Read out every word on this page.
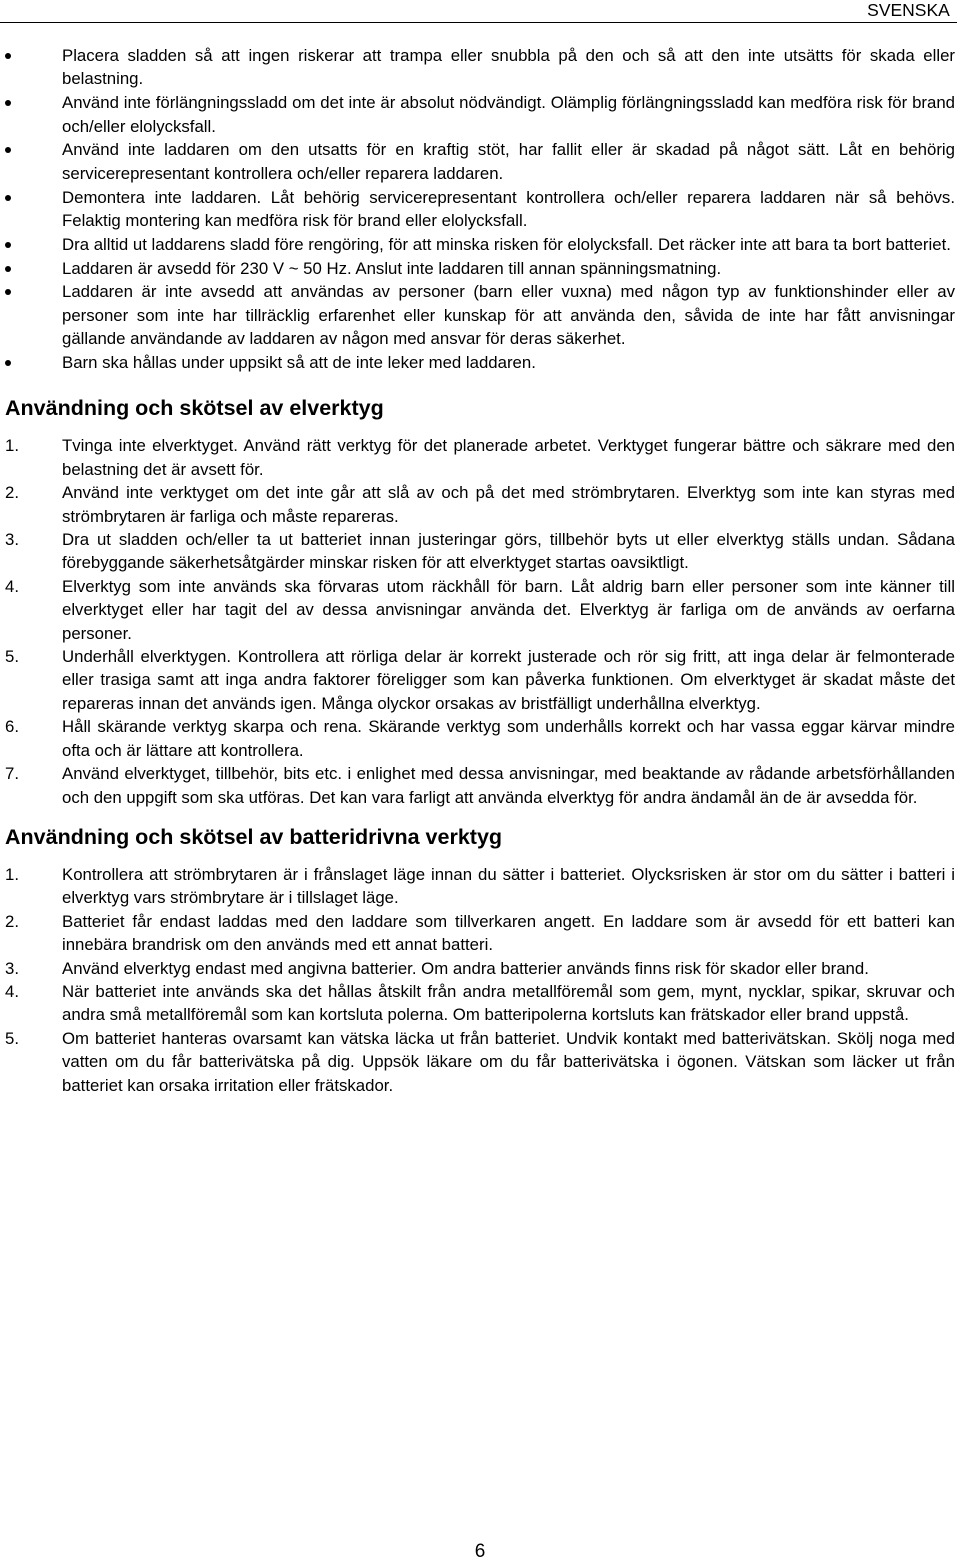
SVENSKA
Placera sladden så att ingen riskerar att trampa eller snubbla på den och så att den inte utsätts för skada eller belastning.
Använd inte förlängningssladd om det inte är absolut nödvändigt. Olämplig förlängningssladd kan medföra risk för brand och/eller elolycksfall.
Använd inte laddaren om den utsatts för en kraftig stöt, har fallit eller är skadad på något sätt. Låt en behörig servicerepresentant kontrollera och/eller reparera laddaren.
Demontera inte laddaren. Låt behörig servicerepresentant kontrollera och/eller reparera laddaren när så behövs. Felaktig montering kan medföra risk för brand eller elolycksfall.
Dra alltid ut laddarens sladd före rengöring, för att minska risken för elolycksfall. Det räcker inte att bara ta bort batteriet.
Laddaren är avsedd för 230 V ~ 50 Hz. Anslut inte laddaren till annan spänningsmatning.
Laddaren är inte avsedd att användas av personer (barn eller vuxna) med någon typ av funktionshinder eller av personer som inte har tillräcklig erfarenhet eller kunskap för att använda den, såvida de inte har fått anvisningar gällande användande av laddaren av någon med ansvar för deras säkerhet.
Barn ska hållas under uppsikt så att de inte leker med laddaren.
Användning och skötsel av elverktyg
1.	Tvinga inte elverktyget. Använd rätt verktyg för det planerade arbetet. Verktyget fungerar bättre och säkrare med den belastning det är avsett för.
2.	Använd inte verktyget om det inte går att slå av och på det med strömbrytaren. Elverktyg som inte kan styras med strömbrytaren är farliga och måste repareras.
3.	Dra ut sladden och/eller ta ut batteriet innan justeringar görs, tillbehör byts ut eller elverktyg ställs undan. Sådana förebyggande säkerhetsåtgärder minskar risken för att elverktyget startas oavsiktligt.
4.	Elverktyg som inte används ska förvaras utom räckhåll för barn. Låt aldrig barn eller personer som inte känner till elverktyget eller har tagit del av dessa anvisningar använda det. Elverktyg är farliga om de används av oerfarna personer.
5.	Underhåll elverktygen. Kontrollera att rörliga delar är korrekt justerade och rör sig fritt, att inga delar är felmonterade eller trasiga samt att inga andra faktorer föreligger som kan påverka funktionen. Om elverktyget är skadat måste det repareras innan det används igen. Många olyckor orsakas av bristfälligt underhållna elverktyg.
6.	Håll skärande verktyg skarpa och rena. Skärande verktyg som underhålls korrekt och har vassa eggar kärvar mindre ofta och är lättare att kontrollera.
7.	Använd elverktyget, tillbehör, bits etc. i enlighet med dessa anvisningar, med beaktande av rådande arbetsförhållanden och den uppgift som ska utföras. Det kan vara farligt att använda elverktyg för andra ändamål än de är avsedda för.
Användning och skötsel av batteridrivna verktyg
1.	Kontrollera att strömbrytaren är i frånslaget läge innan du sätter i batteriet. Olycksrisken är stor om du sätter i batteri i elverktyg vars strömbrytare är i tillslaget läge.
2.	Batteriet får endast laddas med den laddare som tillverkaren angett. En laddare som är avsedd för ett batteri kan innebära brandrisk om den används med ett annat batteri.
3.	Använd elverktyg endast med angivna batterier. Om andra batterier används finns risk för skador eller brand.
4.	När batteriet inte används ska det hållas åtskilt från andra metallföremål som gem, mynt, nycklar, spikar, skruvar och andra små metallföremål som kan kortsluta polerna. Om batteripolerna kortsluts kan frätskador eller brand uppstå.
5.	Om batteriet hanteras ovarsamt kan vätska läcka ut från batteriet. Undvik kontakt med batterivätskan. Skölj noga med vatten om du får batterivätska på dig. Uppsök läkare om du får batterivätska i ögonen. Vätskan som läcker ut från batteriet kan orsaka irritation eller frätskador.
6
